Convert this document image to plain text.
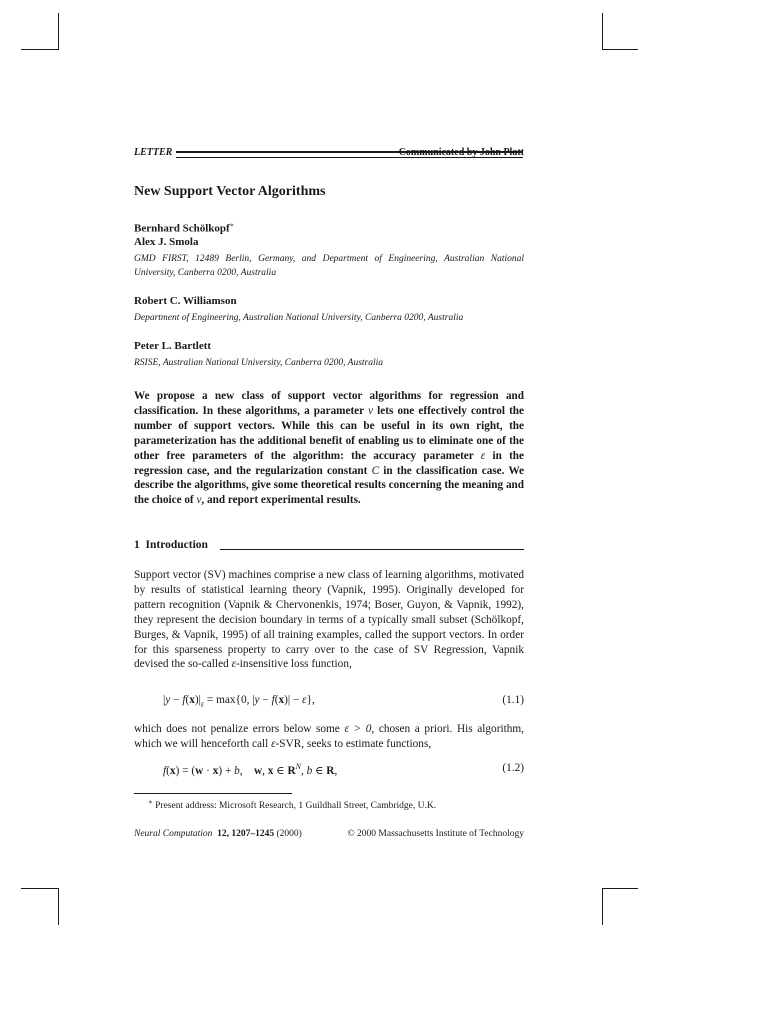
LETTER	Communicated by John Platt
New Support Vector Algorithms
Bernhard Schölkopf∗
Alex J. Smola
GMD FIRST, 12489 Berlin, Germany, and Department of Engineering, Australian National University, Canberra 0200, Australia
Robert C. Williamson
Department of Engineering, Australian National University, Canberra 0200, Australia
Peter L. Bartlett
RSISE, Australian National University, Canberra 0200, Australia
We propose a new class of support vector algorithms for regression and classification. In these algorithms, a parameter ν lets one effectively control the number of support vectors. While this can be useful in its own right, the parameterization has the additional benefit of enabling us to eliminate one of the other free parameters of the algorithm: the accuracy parameter ε in the regression case, and the regularization constant C in the classification case. We describe the algorithms, give some theoretical results concerning the meaning and the choice of ν, and report experimental results.
1 Introduction
Support vector (SV) machines comprise a new class of learning algorithms, motivated by results of statistical learning theory (Vapnik, 1995). Originally developed for pattern recognition (Vapnik & Chervonenkis, 1974; Boser, Guyon, & Vapnik, 1992), they represent the decision boundary in terms of a typically small subset (Schölkopf, Burges, & Vapnik, 1995) of all training examples, called the support vectors. In order for this sparseness property to carry over to the case of SV Regression, Vapnik devised the so-called ε-insensitive loss function,
$|y - f(x)|_\varepsilon = \max\{0$, |y − f(x)| − ε},	(1.1)
which does not penalize errors below some ε > 0, chosen a priori. His algorithm, which we will henceforth call ε-SVR, seeks to estimate functions,
f(x) = (w · x) + b,    w, x ∈ $R^N$, b ∈ R,	(1.2)
∗ Present address: Microsoft Research, 1 Guildhall Street, Cambridge, U.K.
Neural Computation 12, 1207–1245 (2000)	© 2000 Massachusetts Institute of Technology
